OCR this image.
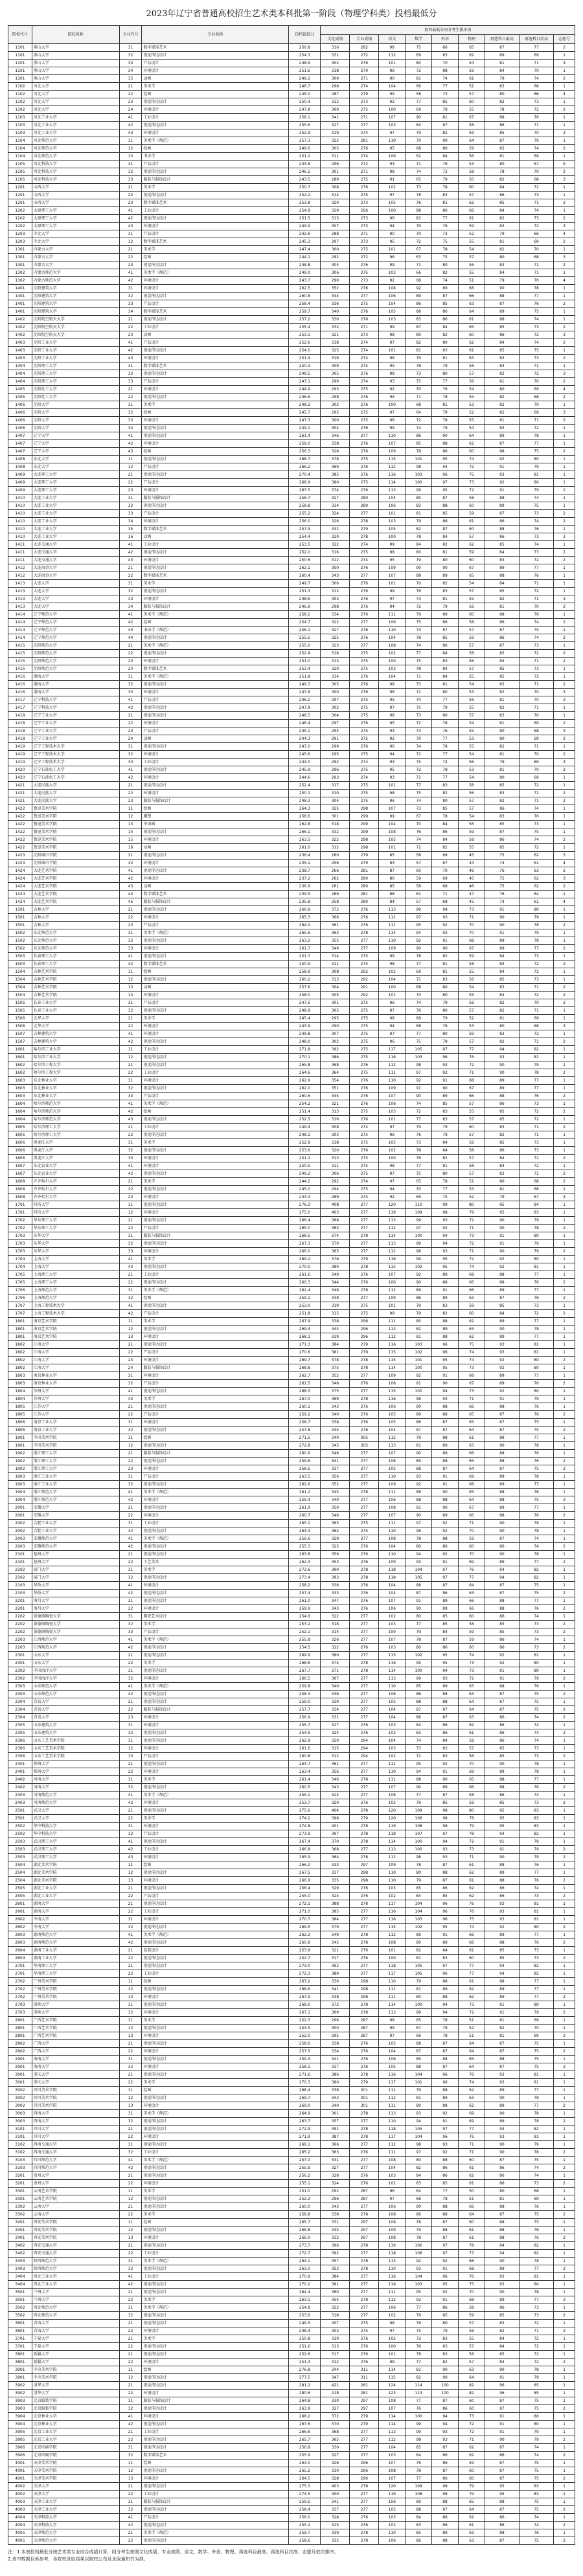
2023年辽宁省普通高校招生艺术类本科批第一阶段（物理学科类）投档最低分
院校代号	院校名称	专业代号	专业名称	投档最低分	投档最低分同分考生排序项								
					文化成绩	专业成绩	语文	数学	外语	物理	再选科目最高	再选科目次高	志愿号
1101	燕山大学	31	数字媒体艺术	256.8	316	282	98	75	86	65	87	77	2
1101	燕山大学	32	视觉传达设计	254.3	331	272	112	69	83	62	89	69	1
1101	燕山大学	33	产品设计	248.9	302	276	101	80	70	54	81	71	3
1101	燕山大学	34	环境设计	251.6	318	270	96	72	88	59	84	70	1
1101	燕山大学	35	动画	249.2	309	271	90	81	74	61	79	74	2
1102	河北大学	21	美术学	246.7	298	274	104	66	77	51	83	68	1
1102	河北大学	22	绘画	245.0	287	279	99	58	73	57	80	66	4
1102	河北大学	23	视觉传达设计	250.4	312	273	92	77	85	60	82	73	1
1102	河北大学	24	环境设计	247.8	300	275	100	69	79	55	78	72	2
1103	河北工业大学	41	工业设计	258.1	341	271	107	90	81	67	88	76	1
1103	河北工业大学	42	视觉传达设计	255.6	327	277	103	84	87	58	86	71	1
1103	河北工业大学	43	环境设计	252.9	319	274	97	79	82	63	85	70	3
1104	河北师范大学	11	美术学（师范）	257.3	322	281	110	70	90	64	87	79	1
1104	河北师范大学	12	绘画	249.6	305	276	95	68	80	59	83	74	2
1104	河北师范大学	13	书法学	251.2	311	274	106	62	84	56	81	69	1
1105	河北科技大学	31	产品设计	244.8	296	272	93	71	76	53	80	67	5
1105	河北科技大学	32	视觉传达设计	246.1	301	271	98	74	72	58	78	70	2
1105	河北科技大学	33	服装与服饰设计	243.5	289	275	91	65	79	50	82	68	3
1201	山西大学	21	美术学	250.7	308	276	102	73	78	60	84	72	1
1201	山西大学	22	视觉传达设计	252.2	314	275	97	78	83	57	86	73	1
1201	山西大学	23	数字媒体艺术	253.8	320	273	105	76	81	62	85	71	2
1202	太原理工大学	41	工业设计	254.9	329	266	100	88	80	66	84	74	1
1202	太原理工大学	42	视觉传达设计	251.5	313	273	96	81	77	61	82	73	2
1202	太原理工大学	43	环境设计	249.9	307	273	94	79	76	59	83	72	3
1203	中北大学	31	产品设计	242.6	288	271	90	70	73	52	79	66	4
1203	中北大学	32	数字媒体艺术	245.3	297	273	95	72	75	55	81	69	2
1301	内蒙古大学	21	美术学	247.4	300	275	101	67	78	54	82	70	1
1301	内蒙古大学	22	绘画	244.1	292	272	96	63	75	57	80	68	3
1301	内蒙古大学	23	视觉传达设计	248.8	304	276	99	71	80	56	83	71	2
1302	内蒙古师范大学	41	美术学（师范）	249.0	306	275	103	66	82	55	84	71	1
1302	内蒙古师范大学	42	环境设计	243.7	290	273	92	68	74	51	79	70	4
1401	沈阳建筑大学	31	环境设计	262.5	352	276	108	92	89	68	90	78	1
1401	沈阳建筑大学	32	视觉传达设计	260.8	344	277	106	89	87	66	88	77	1
1401	沈阳建筑大学	33	产品设计	258.4	336	275	104	86	85	63	87	76	2
1401	沈阳建筑大学	34	数字媒体艺术	259.7	340	276	105	88	86	64	89	75	1
1402	沈阳航空航天大学	21	视觉传达设计	257.2	330	278	103	83	86	61	88	74	1
1402	沈阳航空航天大学	22	工业设计	255.4	332	271	99	87	84	65	85	73	2
1402	沈阳航空航天大学	23	动画	253.1	321	273	98	80	82	60	86	72	3
1403	沈阳工业大学	41	产品设计	252.6	318	274	97	82	80	62	84	74	2
1403	沈阳工业大学	42	视觉传达设计	254.0	325	274	101	81	83	61	85	75	1
1403	沈阳工业大学	43	环境设计	251.9	316	274	96	79	81	63	83	73	2
1404	沈阳理工大学	31	数字媒体艺术	250.3	309	275	95	78	79	58	84	71	1
1404	沈阳理工大学	32	视觉传达设计	249.5	305	276	98	73	80	57	82	72	3
1404	沈阳理工大学	33	产品设计	247.1	299	274	93	75	77	56	81	70	2
1405	沈阳化工大学	21	环境设计	244.9	293	275	92	70	76	54	80	69	4
1405	沈阳化工大学	22	视觉传达设计	246.6	298	276	95	71	78	55	82	68	2
1406	沈阳大学	31	美术学	248.2	302	276	100	68	81	53	83	70	1
1406	沈阳大学	32	绘画	245.7	295	275	97	64	79	52	82	69	3
1406	沈阳大学	33	环境设计	247.3	300	275	96	72	78	55	81	71	2
1406	沈阳大学	34	视觉传达设计	249.1	304	276	99	74	79	54	83	72	1
1407	辽宁大学	41	视觉传达设计	261.4	346	277	110	86	90	64	89	78	1
1407	辽宁大学	42	环境设计	259.0	338	276	107	85	88	62	87	77	1
1407	辽宁大学	43	绘画	256.3	328	276	109	78	86	60	88	75	2
1408	东北大学	11	视觉传达设计	268.7	378	275	115	101	95	74	92	80	1
1408	东北大学	12	产品设计	266.2	369	276	112	98	94	72	91	79	1
1409	大连理工大学	21	视觉传达设计	270.4	385	276	116	103	96	75	93	81	1
1409	大连理工大学	22	产品设计	268.9	380	275	114	100	97	73	92	80	1
1409	大连理工大学	23	环境设计	267.5	374	276	113	99	95	72	91	79	2
1410	大连工业大学	31	服装与服饰设计	256.7	327	280	104	80	87	58	88	74	1
1410	大连工业大学	32	视觉传达设计	258.8	334	280	106	83	88	60	89	75	1
1410	大连工业大学	33	产品设计	255.2	324	277	101	81	85	59	87	73	2
1410	大连工业大学	34	环境设计	256.0	326	278	103	79	86	61	86	74	2
1410	大连工业大学	35	数字媒体艺术	257.9	331	279	105	82	87	60	88	76	1
1410	大连工业大学	36	动画	254.4	320	278	100	78	84	57	86	73	3
1411	大连交通大学	41	工业设计	253.5	322	274	99	84	82	62	85	74	1
1411	大连交通大学	42	视觉传达设计	252.0	316	275	98	80	81	59	84	73	2
1411	大连交通大学	43	环境设计	250.6	312	274	95	79	80	60	83	72	2
1412	大连海事大学	21	视觉传达设计	262.1	350	276	109	90	90	67	89	77	1
1412	大连海事大学	22	数字媒体艺术	260.4	343	277	107	88	89	65	88	76	1
1413	大连大学	31	美术学	249.7	306	276	101	70	82	54	84	71	1
1413	大连大学	32	视觉传达设计	251.3	312	276	99	76	83	57	85	72	1
1413	大连大学	33	环境设计	248.6	303	276	97	73	81	55	82	71	3
1413	大连大学	34	服装与服饰设计	246.9	298	276	94	72	79	56	81	70	2
1414	辽宁师范大学	41	美术学（师范）	258.2	334	276	111	79	89	60	88	76	1
1414	辽宁师范大学	42	绘画	254.7	322	277	106	75	86	58	86	74	2
1414	辽宁师范大学	43	书法学（师范）	256.1	327	276	110	73	87	57	87	75	1
1414	辽宁师范大学	44	视觉传达设计	255.5	325	276	104	78	85	59	86	74	2
1415	沈阳师范大学	21	美术学（师范）	255.0	323	277	108	74	86	57	87	73	1
1415	沈阳师范大学	22	视觉传达设计	252.8	318	275	102	77	84	58	85	72	2
1415	沈阳师范大学	23	环境设计	251.0	313	275	100	75	83	56	84	71	2
1415	沈阳师范大学	24	数字媒体艺术	253.4	320	275	103	78	84	57	85	73	1
1416	渤海大学	31	美术学（师范）	251.8	314	276	104	71	84	55	85	72	1
1416	渤海大学	32	视觉传达设计	249.3	305	276	98	73	81	54	83	71	2
1416	渤海大学	33	环境设计	247.6	300	276	96	72	80	53	82	70	3
1417	辽宁科技大学	41	产品设计	246.2	297	275	95	74	77	56	81	70	2
1417	辽宁科技大学	42	视觉传达设计	247.9	302	275	97	75	79	55	82	71	1
1418	辽宁工业大学	21	视觉传达设计	248.5	304	275	98	73	80	57	83	70	1
1418	辽宁工业大学	22	环境设计	246.4	297	276	95	72	78	54	81	69	2
1418	辽宁工业大学	23	产品设计	245.1	294	275	93	73	76	55	80	68	3
1418	辽宁工业大学	24	动画	244.3	291	275	92	70	77	53	80	69	2
1419	辽宁工程技术大学	31	视觉传达设计	247.0	299	276	96	74	78	55	82	71	1
1419	辽宁工程技术大学	32	环境设计	245.6	295	275	94	72	77	54	81	70	2
1419	辽宁工程技术大学	33	工业设计	244.0	292	274	93	75	74	56	79	69	3
1420	辽宁石油化工大学	41	视觉传达设计	245.9	296	275	95	72	78	53	81	70	2
1420	辽宁石油化工大学	42	环境设计	244.6	293	274	93	71	77	54	80	69	1
1421	大连民族大学	21	视觉传达设计	252.4	317	275	101	77	83	58	85	72	1
1421	大连民族大学	22	环境设计	250.1	310	275	98	75	82	56	83	72	2
1421	大连民族大学	23	服装与服饰设计	248.3	304	275	96	74	80	57	82	71	2
1422	鲁迅美术学院	11	绘画	264.3	325	298	107	73	85	57	86	74	1
1422	鲁迅美术学院	12	雕塑	258.6	301	299	99	67	78	54	83	70	1
1422	鲁迅美术学院	13	中国画	262.8	318	299	104	70	84	56	85	73	1
1422	鲁迅美术学院	14	视觉传达设计	266.1	332	299	108	76	86	59	87	75	1
1422	鲁迅美术学院	15	环境设计	263.5	322	298	105	74	84	58	86	74	2
1422	鲁迅美术学院	16	动画	261.0	312	298	101	72	82	55	85	72	1
1423	沈阳城市学院	31	视觉传达设计	236.4	260	279	85	58	68	45	75	62	3
1423	沈阳城市学院	32	环境设计	235.1	256	279	83	57	67	44	74	61	4
1424	大连艺术学院	41	视觉传达设计	238.7	266	281	87	60	70	46	76	63	2
1424	大连艺术学院	42	环境设计	237.2	262	280	86	59	69	45	75	62	3
1424	大连艺术学院	43	动画	236.9	261	280	85	58	68	46	75	62	2
1424	大连艺术学院	44	数字媒体艺术	239.5	269	281	88	61	71	47	76	64	1
1424	大连艺术学院	45	服装与服饰设计	235.8	258	280	84	57	68	45	74	61	4
1501	吉林大学	21	视觉传达设计	266.9	372	276	113	99	94	73	91	80	1
1501	吉林大学	22	环境设计	265.3	366	276	112	97	93	71	90	79	1
1501	吉林大学	23	产品设计	264.0	361	276	111	95	92	70	90	78	2
1502	东北师范大学	31	美术学（师范）	265.6	363	278	114	94	93	70	91	79	1
1502	东北师范大学	32	视觉传达设计	263.2	355	277	110	92	91	68	89	78	1
1502	东北师范大学	33	环境设计	261.7	349	277	109	90	90	67	89	77	2
1503	长春理工大学	41	视觉传达设计	251.7	314	275	99	78	82	59	84	73	1
1503	长春理工大学	42	数字媒体艺术	250.9	311	275	98	77	81	58	84	72	2
1504	吉林艺术学院	11	绘画	258.9	308	292	102	69	81	55	84	72	1
1504	吉林艺术学院	12	视觉传达设计	260.2	313	292	104	71	83	56	85	73	1
1504	吉林艺术学院	13	动画	257.6	304	291	100	68	80	54	83	71	2
1504	吉林艺术学院	14	环境设计	258.0	305	292	101	70	80	55	84	72	2
1505	长春工业大学	31	产品设计	247.5	301	275	96	74	79	56	82	70	2
1505	长春工业大学	32	视觉传达设计	248.9	305	275	97	76	80	57	82	71	1
1506	北华大学	21	美术学	245.4	295	275	98	66	79	52	81	69	1
1506	北华大学	22	环境设计	243.9	290	275	94	68	76	53	80	68	3
1507	吉林建筑大学	41	环境设计	249.8	307	275	97	77	80	59	83	72	1
1507	吉林建筑大学	42	视觉传达设计	248.0	302	275	96	75	79	57	82	71	2
1601	哈尔滨工业大学	11	工业设计	271.8	392	275	117	105	97	77	94	82	1
1601	哈尔滨工业大学	12	视觉传达设计	270.1	386	275	116	103	96	76	93	81	1
1602	哈尔滨工程大学	21	视觉传达设计	265.8	368	276	112	98	93	72	90	79	1
1602	哈尔滨工程大学	22	工业设计	264.6	364	275	111	97	92	71	90	78	2
1603	东北林业大学	31	环境设计	262.9	354	276	110	92	91	68	89	77	1
1603	东北林业大学	32	视觉传达设计	262.0	351	276	109	91	90	67	89	77	1
1603	东北林业大学	33	产品设计	260.6	345	276	107	90	89	66	88	76	2
1604	哈尔滨师范大学	41	美术学（师范）	254.2	321	276	106	74	85	57	86	73	1
1604	哈尔滨师范大学	42	绘画	251.4	313	275	103	72	83	55	85	72	2
1604	哈尔滨师范大学	43	视觉传达设计	252.5	316	276	101	77	83	57	85	72	1
1605	哈尔滨理工大学	21	工业设计	249.4	308	274	97	79	79	60	83	71	2
1605	哈尔滨理工大学	22	视觉传达设计	248.1	303	275	96	76	79	57	82	71	1
1606	黑龙江大学	31	美术学	252.9	318	275	105	73	84	56	85	73	1
1606	黑龙江大学	32	视觉传达设计	253.6	320	276	102	78	84	58	86	73	1
1606	黑龙江大学	33	环境设计	251.2	313	275	100	76	82	57	84	72	2
1607	东北农业大学	41	环境设计	250.5	311	275	98	77	81	58	84	72	1
1607	东北农业大学	42	视觉传达设计	249.2	306	275	97	75	80	57	83	71	2
1608	齐齐哈尔大学	21	美术学	244.2	292	274	97	65	78	51	80	68	2
1608	齐齐哈尔大学	22	视觉传达设计	245.0	294	275	94	70	77	53	81	68	1
1608	齐齐哈尔大学	23	环境设计	243.3	289	274	92	69	75	52	79	67	3
1701	同济大学	11	视觉传达设计	276.3	408	277	120	110	99	80	95	84	1
1701	同济大学	12	环境设计	275.0	403	277	119	109	98	79	95	83	1
1702	华东理工大学	21	视觉传达设计	266.4	368	277	113	99	93	72	90	79	1
1702	华东理工大学	22	产品设计	265.0	363	277	112	97	92	71	90	78	2
1703	东华大学	31	服装与服饰设计	268.5	374	278	114	100	94	73	91	80	1
1703	东华大学	32	视觉传达设计	267.3	370	277	113	99	94	72	91	79	1
1703	东华大学	33	环境设计	266.0	365	277	112	98	93	71	90	79	2
1704	上海大学	41	美术学	269.2	376	279	116	99	95	72	92	80	1
1704	上海大学	42	视觉传达设计	270.0	380	278	115	102	95	74	92	81	1
1705	上海理工大学	21	工业设计	261.6	349	276	107	92	89	68	88	77	1
1705	上海理工大学	22	视觉传达设计	260.3	344	276	106	90	88	66	88	76	2
1706	上海师范大学	31	美术学（师范）	262.4	348	278	112	89	91	66	89	77	1
1706	上海师范大学	32	绘画	259.1	338	277	109	86	89	63	87	76	2
1707	上海工程技术大学	41	视觉传达设计	253.0	319	275	101	79	83	59	85	73	1
1707	上海工程技术大学	42	产品设计	251.8	315	275	99	79	82	60	84	72	2
1801	南京艺术学院	11	美术学	267.9	338	296	111	80	88	62	89	77	1
1801	南京艺术学院	12	视觉传达设计	269.4	344	296	113	82	89	63	90	78	1
1801	南京艺术学院	13	环境设计	268.1	339	296	112	81	88	62	89	77	1
1802	江南大学	21	视觉传达设计	271.3	384	279	116	103	96	75	93	81	1
1802	江南大学	22	产品设计	270.6	381	279	115	102	96	74	93	81	1
1802	江南大学	23	环境设计	269.7	378	278	115	101	95	74	92	80	2
1802	江南大学	24	服装与服饰设计	268.8	375	278	114	100	95	73	92	80	1
1803	南京林业大学	31	环境设计	262.7	352	277	109	92	91	68	89	77	1
1803	南京林业大学	32	产品设计	261.5	348	276	108	91	90	67	89	76	2
1804	苏州大学	41	视觉传达设计	268.3	375	277	115	100	94	73	92	80	1
1804	苏州大学	42	美术学	267.0	369	278	116	96	94	71	91	79	1
1805	江苏大学	21	视觉传达设计	260.1	343	276	106	90	88	66	88	76	1
1805	江苏大学	22	产品设计	259.2	340	276	105	89	88	65	87	76	2
1806	南京工业大学	31	环境设计	258.7	338	276	105	88	87	65	87	75	1
1806	南京工业大学	32	视觉传达设计	257.8	335	276	104	87	87	64	87	75	2
1901	中国美术学院	11	绘画	271.5	340	305	112	79	88	61	89	77	1
1901	中国美术学院	12	视觉传达设计	272.8	345	305	113	81	89	63	90	78	1
1902	浙江理工大学	21	服装与服饰设计	260.9	346	277	107	90	89	66	88	76	1
1902	浙江理工大学	22	视觉传达设计	259.6	341	277	106	89	88	65	88	76	2
1902	浙江理工大学	23	环境设计	258.5	337	277	105	88	87	64	87	75	2
1903	浙江工业大学	31	产品设计	263.5	356	277	110	93	91	69	89	78	1
1903	浙江工业大学	32	视觉传达设计	262.6	352	277	109	92	91	68	89	77	1
1904	浙江师范大学	41	美术学（师范）	261.2	345	278	111	88	90	65	88	76	1
1904	浙江师范大学	42	环境设计	259.4	340	277	106	88	88	64	88	75	2
2001	安徽大学	21	视觉传达设计	261.9	350	277	108	91	90	67	89	77	1
2001	安徽大学	22	环境设计	260.7	346	277	107	90	89	66	88	76	2
2002	合肥工业大学	31	工业设计	265.1	365	275	111	97	92	71	90	78	1
2002	合肥工业大学	32	视觉传达设计	264.3	362	275	110	96	92	70	90	78	1
2003	安徽师范大学	41	美术学（师范）	256.6	329	277	108	78	88	59	87	74	1
2003	安徽师范大学	42	视觉传达设计	255.3	325	276	104	80	86	60	86	74	2
2101	福州大学	21	视觉传达设计	263.8	359	276	110	94	92	70	90	78	1
2101	福州大学	22	工艺美术	262.3	353	276	109	93	91	69	89	77	2
2102	厦门大学	31	美术学	272.6	390	278	118	104	97	76	94	82	1
2102	厦门大学	32	视觉传达设计	273.4	393	278	118	105	97	77	94	82	1
2103	华侨大学	41	环境设计	258.2	336	276	104	88	87	64	87	75	1
2103	华侨大学	42	视觉传达设计	257.4	333	276	104	87	86	63	87	75	2
2201	南昌大学	21	视觉传达设计	261.0	347	276	107	91	89	66	88	77	1
2201	南昌大学	22	环境设计	259.9	343	276	106	90	89	66	88	76	2
2202	景德镇陶瓷大学	31	陶瓷艺术设计	254.6	322	277	102	80	85	60	86	74	1
2202	景德镇陶瓷大学	32	美术学	253.2	318	277	103	77	85	58	85	73	2
2202	景德镇陶瓷大学	33	产品设计	252.1	314	277	100	79	84	59	85	73	2
2203	江西师范大学	41	美术学（师范）	255.8	326	277	107	78	87	59	86	74	1
2203	江西师范大学	42	视觉传达设计	254.5	322	276	103	80	86	60	86	73	2
2301	山东大学	21	视觉传达设计	269.9	380	277	115	102	95	74	92	81	1
2301	山东大学	22	美术学	268.6	374	278	116	99	95	73	92	80	1
2302	中国海洋大学	31	视觉传达设计	267.7	371	278	114	100	94	73	91	80	1
2302	中国海洋大学	32	环境设计	266.5	367	277	113	99	93	72	91	79	2
2303	山东师范大学	41	美术学（师范）	259.8	340	277	110	85	89	63	88	76	1
2303	山东师范大学	42	视觉传达设计	258.3	336	277	106	86	88	63	87	75	2
2304	青岛大学	21	视觉传达设计	259.0	339	277	105	88	88	64	87	75	1
2304	青岛大学	22	服装与服饰设计	257.7	334	277	104	87	87	64	87	75	2
2304	青岛大学	23	环境设计	256.9	331	277	104	86	87	63	86	74	2
2305	山东建筑大学	31	环境设计	255.7	327	276	103	84	86	62	86	74	1
2305	山东建筑大学	32	视觉传达设计	254.9	324	276	102	83	86	61	86	74	2
2306	山东工艺美术学院	11	视觉传达设计	262.9	320	294	104	74	84	58	86	74	1
2306	山东工艺美术学院	12	环境设计	261.6	315	294	103	73	83	57	85	73	1
2306	山东工艺美术学院	13	产品设计	260.8	312	294	102	72	83	56	85	73	2
2401	郑州大学	21	视觉传达设计	264.7	361	277	111	95	92	70	90	78	1
2401	郑州大学	22	环境设计	263.4	356	277	110	94	91	69	89	78	1
2402	河南大学	31	美术学	261.4	346	278	111	88	90	65	88	77	1
2402	河南大学	32	视觉传达设计	260.5	343	277	107	90	89	66	88	76	2
2403	河南师范大学	41	美术学（师范）	255.1	324	277	106	77	87	58	86	74	1
2403	河南师范大学	42	环境设计	253.7	320	276	102	79	85	59	85	73	2
2501	武汉大学	21	视觉传达设计	275.6	404	278	120	109	98	80	95	83	1
2501	武汉大学	22	美术学	274.2	398	279	120	106	98	78	95	83	1
2502	华中科技大学	31	环境设计	274.8	401	278	119	108	98	79	95	83	1
2502	华中科技大学	32	产品设计	273.9	397	278	118	107	97	78	94	82	1
2503	武汉理工大学	41	视觉传达设计	267.4	370	278	114	100	94	72	91	79	1
2503	武汉理工大学	42	工业设计	266.8	368	277	113	100	93	73	91	79	2
2503	武汉理工大学	43	环境设计	265.9	364	278	112	98	93	71	90	79	2
2504	湖北美术学院	11	绘画	266.2	333	297	109	78	87	61	88	76	1
2504	湖北美术学院	12	视觉传达设计	267.5	337	298	110	80	88	62	89	77	1
2504	湖北美术学院	13	环境设计	266.9	335	298	110	79	87	61	88	76	2
2505	湖北工业大学	21	视觉传达设计	256.4	329	276	103	85	86	62	86	74	1
2505	湖北工业大学	22	产品设计	255.0	324	276	102	84	85	62	86	73	2
2601	湖南大学	21	视觉传达设计	272.1	388	278	117	104	96	76	93	81	1
2601	湖南大学	22	工业设计	271.0	385	277	116	104	96	76	93	81	1
2602	中南大学	31	环境设计	270.7	384	277	116	103	96	75	93	81	1
2602	中南大学	32	视觉传达设计	269.5	379	277	115	102	95	74	92	80	2
2603	湖南师范大学	41	美术学（师范）	262.2	349	278	112	89	91	66	89	77	1
2603	湖南师范大学	42	视觉传达设计	260.9	345	278	108	90	89	66	88	76	2
2604	湖南工业大学	21	包装设计	253.9	321	276	101	82	84	61	85	73	1
2604	湖南工业大学	22	视觉传达设计	252.7	317	276	100	81	83	60	85	73	2
2701	华南理工大学	21	视觉传达设计	273.0	392	277	118	105	97	77	94	82	1
2701	华南理工大学	22	工业设计	272.3	389	277	117	105	96	77	94	82	1
2702	广州美术学院	11	绘画	267.2	336	298	110	79	88	61	88	77	1
2702	广州美术学院	12	视觉传达设计	268.6	341	298	111	81	89	62	89	77	1
2702	广州美术学院	13	环境设计	267.9	338	298	111	80	88	62	89	77	2
2703	深圳大学	31	视觉传达设计	268.0	372	278	114	100	94	73	91	80	1
2703	深圳大学	32	环境设计	267.1	369	278	113	99	94	72	91	79	2
2801	广西艺术学院	11	美术学	252.3	296	287	98	65	78	51	81	69	1
2801	广西艺术学院	12	视觉传达设计	253.5	300	287	99	67	79	52	82	70	1
2801	广西艺术学院	13	环境设计	252.0	295	287	97	66	78	51	81	69	2
2802	广西大学	21	视觉传达设计	258.6	338	276	105	88	87	64	87	75	1
2802	广西大学	22	环境设计	257.5	334	276	104	87	87	64	87	75	2
2901	海南大学	31	视觉传达设计	259.3	341	276	106	89	88	65	88	75	1
2901	海南大学	32	环境设计	258.1	337	276	105	88	87	64	87	75	2
3001	重庆大学	21	视觉传达设计	271.6	386	278	116	104	96	76	93	81	1
3001	重庆大学	22	美术学	270.3	380	279	117	101	96	74	93	81	1
3002	四川美术学院	11	绘画	268.4	338	301	111	79	88	62	89	77	1
3002	四川美术学院	12	视觉传达设计	269.7	343	301	112	81	89	63	90	78	1
3002	四川美术学院	13	环境设计	269.0	340	301	111	80	89	62	89	77	2
3003	西南大学	31	美术学（师范）	264.9	361	278	113	93	92	69	90	78	1
3003	西南大学	32	视觉传达设计	263.7	357	277	110	94	91	69	89	78	2
3101	四川大学	21	视觉传达设计	272.9	391	278	118	105	97	77	94	82	1
3101	四川大学	22	环境设计	271.9	387	278	117	104	96	76	93	81	1
3102	西南交通大学	31	视觉传达设计	266.1	366	277	112	98	93	71	90	79	1
3102	西南交通大学	32	工业设计	265.2	363	276	111	97	92	71	90	78	2
3103	四川师范大学	41	美术学（师范）	257.0	331	277	108	80	88	60	87	75	1
3103	四川师范大学	42	视觉传达设计	255.9	327	277	104	82	86	61	86	74	2
3201	贵州大学	21	视觉传达设计	256.2	328	276	103	84	86	62	86	74	1
3201	贵州大学	22	环境设计	255.1	324	276	102	83	85	61	86	73	2
3301	云南艺术学院	11	美术学	251.0	292	287	96	64	77	50	80	68	1
3301	云南艺术学院	12	视觉传达设计	252.2	296	287	97	66	78	51	81	69	1
3302	云南大学	21	视觉传达设计	260.0	343	277	106	90	88	66	88	76	1
3302	云南大学	22	美术学	258.8	338	278	108	86	88	64	87	75	2
3401	西安美术学院	11	绘画	265.7	331	297	108	78	87	60	88	75	1
3401	西安美术学院	12	视觉传达设计	266.8	335	297	109	79	88	61	88	76	1
3401	西安美术学院	13	环境设计	266.0	332	297	108	78	87	61	88	76	2
3402	西安交通大学	21	视觉传达设计	273.7	396	278	119	106	97	78	94	82	1
3402	西安交通大学	22	工业设计	272.7	392	277	118	106	97	77	94	82	1
3403	陕西师范大学	31	美术学（师范）	264.1	357	278	113	92	92	68	90	78	1
3403	陕西师范大学	32	视觉传达设计	263.0	353	278	110	93	91	68	89	77	2
3404	西北工业大学	41	工业设计	270.9	384	277	116	104	96	76	93	81	1
3404	西北工业大学	42	视觉传达设计	270.2	381	277	116	103	95	75	93	80	1
3501	兰州大学	21	视觉传达设计	264.4	360	277	111	95	92	70	90	78	1
3501	兰州大学	22	美术学	263.1	354	278	112	92	91	68	89	77	2
3502	西北师范大学	31	美术学（师范）	254.8	322	277	106	77	86	58	86	73	1
3502	西北师范大学	32	视觉传达设计	253.6	318	277	102	79	85	59	85	73	2
3601	青海大学	21	视觉传达设计	249.5	307	275	98	76	80	57	83	72	1
3601	青海大学	22	环境设计	248.4	303	275	97	75	79	56	82	71	2
3701	宁夏大学	21	美术学	250.8	310	276	102	72	83	55	84	72	1
3701	宁夏大学	22	视觉传达设计	251.6	313	276	100	76	83	57	84	72	1
3801	新疆大学	21	视觉传达设计	252.6	317	276	101	78	83	58	85	72	1
3801	新疆大学	22	环境设计	251.3	312	276	99	77	82	57	84	72	2
3901	中央美术学院	11	绘画	276.8	344	311	114	81	90	63	90	78	1
3901	中央美术学院	12	视觉传达设计	277.5	347	311	115	82	90	64	91	79	1
3902	清华大学	21	视觉传达设计	281.2	421	281	124	114	100	82	96	85	1
3902	清华大学	22	环境设计	280.6	418	281	123	113	100	82	96	85	1
3903	北京服装学院	31	服装与服饰设计	264.8	330	297	108	77	87	60	87	75	1
3903	北京服装学院	32	视觉传达设计	263.9	327	297	107	76	86	60	87	75	2
3904	北京林业大学	41	环境设计	268.2	372	279	114	100	94	73	91	80	1
3904	北京林业大学	42	视觉传达设计	267.6	370	279	114	99	94	72	91	80	1
3905	北京工业大学	21	工业设计	266.6	368	277	113	99	93	72	91	79	1
3905	北京工业大学	22	视觉传达设计	265.7	365	277	112	98	93	71	90	79	2
3906	北京印刷学院	31	视觉传达设计	256.8	330	277	104	85	87	62	87	74	1
3906	北京印刷学院	32	数字媒体艺术	255.9	327	277	103	84	86	62	86	74	2
4001	天津美术学院	11	绘画	264.0	326	296	107	76	86	59	87	75	1
4001	天津美术学院	12	视觉传达设计	265.2	330	296	108	78	87	60	87	75	1
4001	天津美术学院	13	环境设计	264.5	328	296	107	77	86	60	87	75	2
4002	天津大学	21	视觉传达设计	275.3	403	278	120	109	98	79	95	83	1
4002	天津大学	22	工业设计	274.5	400	277	119	108	98	79	95	83	1
4003	天津工业大学	31	服装与服饰设计	259.5	341	277	106	89	88	65	88	75	1
4003	天津工业大学	32	视觉传达设计	258.4	337	277	105	88	87	64	87	75	2
4004	天津科技大学	41	产品设计	256.0	328	276	103	84	86	62	86	74	1
4004	天津科技大学	42	视觉传达设计	255.2	325	276	102	83	86	61	86	74	2
4005	天津师范大学	21	美术学（师范）	259.7	339	278	110	85	89	63	88	76	1
4005	天津师范大学	22	视觉传达设计	258.6	335	278	106	86	88	63	87	75	2
注：1.本表投档最低分按艺术类专业综合成绩计算，同分考生按照文化成绩、专业成绩、语文、数学、外语、物理、再选科目最高、再选科目次高、志愿号依次排序。
2.表中数据仅供参考，各院校录取结果以院校公布及录取通知书为准。
